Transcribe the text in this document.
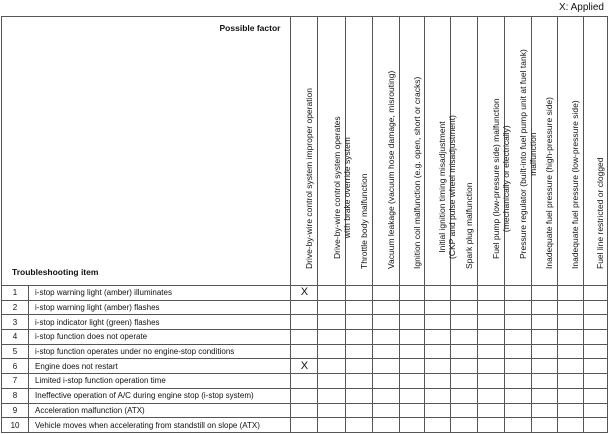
X: Applied
Possible factor
Troubleshooting item		Drive-by-wire control system improper operation	Drive-by-wire control system operates
with brake override system	Throttle body malfunction	Vacuum leakage (vacuum hose damage, misrouting)	Ignition coil malfunction (e.g. open, short or cracks)	Initial ignition timing misadjustment
(CKP and pulse wheel misadjustment)	Spark plug malfunction	Fuel pump (low-pressure side) malfunction
(mechanically or electrically)	Pressure regulator (built-into fuel pump unit at fuel tank)
malfunction	Inadequate fuel pressure (high-pressure side)	Inadequate fuel pressure (low-pressure side)	Fuel line restricted or clogged

1	i-stop warning light (amber) illuminates	X											
2	i-stop warning light (amber) flashes												
3	i-stop indicator light (green) flashes												
4	i-stop function does not operate												
5	i-stop function operates under no engine-stop conditions												
6	Engine does not restart	X											
7	Limited i-stop function operation time												
8	Ineffective operation of A/C during engine stop (i-stop system)												
9	Acceleration malfunction (ATX)												
10	Vehicle moves when accelerating from standstill on slope (ATX)												
